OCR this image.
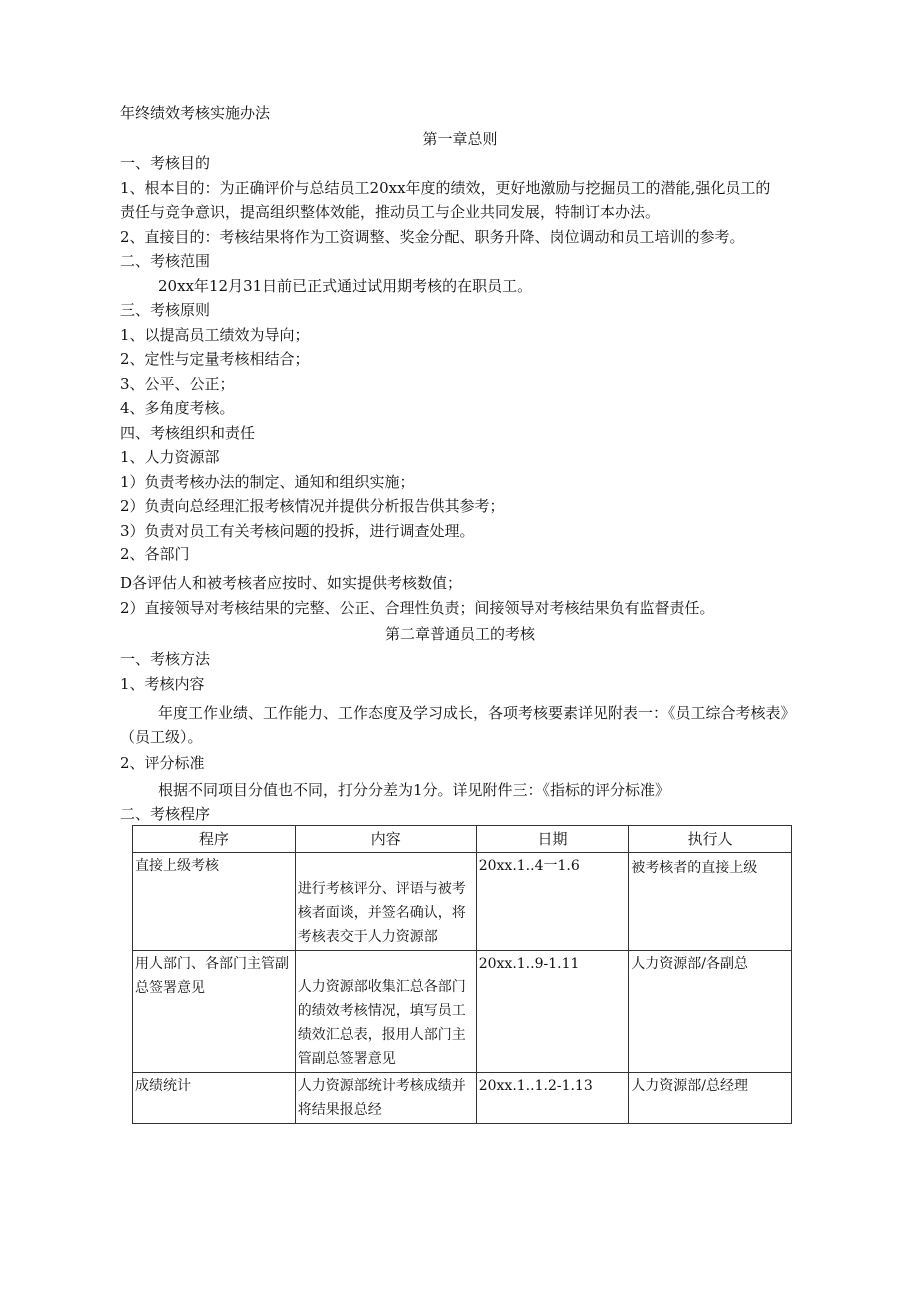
年终绩效考核实施办法
第一章总则
一、考核目的
1、根本目的：为正确评价与总结员工20xx年度的绩效，更好地激励与挖掘员工的潜能,强化员工的
责任与竞争意识，提高组织整体效能，推动员工与企业共同发展，特制订本办法。
2、直接目的：考核结果将作为工资调整、奖金分配、职务升降、岗位调动和员工培训的参考。
二、考核范围
20xx年12月31日前已正式通过试用期考核的在职员工。
三、考核原则
1、以提高员工绩效为导向；
2、定性与定量考核相结合；
3、公平、公正；
4、多角度考核。
四、考核组织和责任
1、人力资源部
1）负责考核办法的制定、通知和组织实施；
2）负责向总经理汇报考核情况并提供分析报告供其参考；
3）负责对员工有关考核问题的投拆，进行调查处理。
2、各部门
D各评估人和被考核者应按时、如实提供考核数值；
2）直接领导对考核结果的完整、公正、合理性负责；间接领导对考核结果负有监督责任。
第二章普通员工的考核
一、考核方法
1、考核内容
年度工作业绩、工作能力、工作态度及学习成长，各项考核要素详见附表一：《员工综合考核表》
（员工级）。
2、评分标准
根据不同项目分值也不同，打分分差为1分。详见附件三：《指标的评分标准》
二、考核程序
程序	内容	日期	执行人
直接上级考核	进行考核评分、评语与被考核者面谈，并签名确认，将考核表交于人力资源部	20xx.1..4一1.6	被考核者的直接上级
用人部门、各部门主管副总签署意见	人力资源部收集汇总各部门的绩效考核情况，填写员工绩效汇总表，报用人部门主管副总签署意见	20xx.1..9-1.11	人力资源部/各副总
成绩统计	人力资源部统计考核成绩并将结果报总经	20xx.1..1.2-1.13	人力资源部/总经理
